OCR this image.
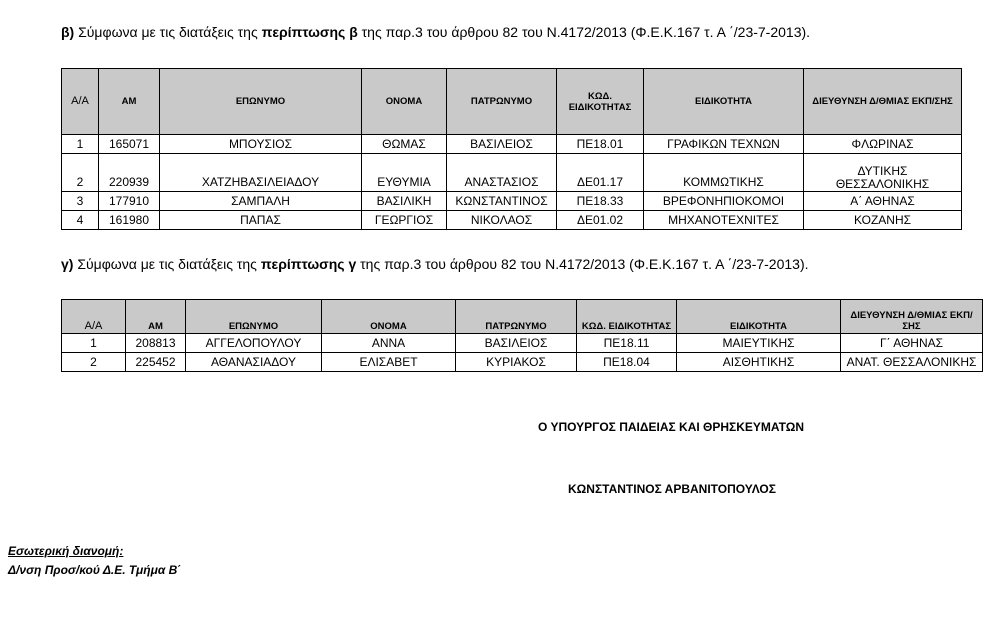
β) Σύμφωνα με τις διατάξεις της περίπτωσης β της παρ.3 του άρθρου 82 του Ν.4172/2013 (Φ.Ε.Κ.167 τ. Α ΄/23-7-2013).
Α/Α	ΑΜ	ΕΠΩΝΥΜΟ	ΟΝΟΜΑ	ΠΑΤΡΩΝΥΜΟ	ΚΩΔ. ΕΙΔΙΚΟΤΗΤΑΣ	ΕΙΔΙΚΟΤΗΤΑ	ΔΙΕΥΘΥΝΣΗ Δ/ΘΜΙΑΣ ΕΚΠ/ΣΗΣ
1	165071	ΜΠΟΥΣΙΟΣ	ΘΩΜΑΣ	ΒΑΣΙΛΕΙΟΣ	ΠΕ18.01	ΓΡΑΦΙΚΩΝ ΤΕΧΝΩΝ	ΦΛΩΡΙΝΑΣ
2	220939	ΧΑΤΖΗΒΑΣΙΛΕΙΑΔΟΥ	ΕΥΘΥΜΙΑ	ΑΝΑΣΤΑΣΙΟΣ	ΔΕ01.17	ΚΟΜΜΩΤΙΚΗΣ	ΔΥΤΙΚΗΣ ΘΕΣΣΑΛΟΝΙΚΗΣ
3	177910	ΣΑΜΠΑΛΗ	ΒΑΣΙΛΙΚΗ	ΚΩΝΣΤΑΝΤΙΝΟΣ	ΠΕ18.33	ΒΡΕΦΟΝΗΠΙΟΚΟΜΟΙ	Α΄ ΑΘΗΝΑΣ
4	161980	ΠΑΠΑΣ	ΓΕΩΡΓΙΟΣ	ΝΙΚΟΛΑΟΣ	ΔΕ01.02	ΜΗΧΑΝΟΤΕΧΝΙΤΕΣ	ΚΟΖΑΝΗΣ
γ) Σύμφωνα με τις διατάξεις της περίπτωσης γ της παρ.3 του άρθρου 82 του Ν.4172/2013 (Φ.Ε.Κ.167 τ. Α ΄/23-7-2013).
Α/Α	ΑΜ	ΕΠΩΝΥΜΟ	ΟΝΟΜΑ	ΠΑΤΡΩΝΥΜΟ	ΚΩΔ. ΕΙΔΙΚΟΤΗΤΑΣ	ΕΙΔΙΚΟΤΗΤΑ	ΔΙΕΥΘΥΝΣΗ Δ/ΘΜΙΑΣ ΕΚΠ/ΣΗΣ
1	208813	ΑΓΓΕΛΟΠΟΥΛΟΥ	ΑΝΝΑ	ΒΑΣΙΛΕΙΟΣ	ΠΕ18.11	ΜΑΙΕΥΤΙΚΗΣ	Γ΄ ΑΘΗΝΑΣ
2	225452	ΑΘΑΝΑΣΙΑΔΟΥ	ΕΛΙΣΑΒΕΤ	ΚΥΡΙΑΚΟΣ	ΠΕ18.04	ΑΙΣΘΗΤΙΚΗΣ	ΑΝΑΤ. ΘΕΣΣΑΛΟΝΙΚΗΣ
Ο ΥΠΟΥΡΓΟΣ ΠΑΙΔΕΙΑΣ ΚΑΙ ΘΡΗΣΚΕΥΜΑΤΩΝ
ΚΩΝΣΤΑΝΤΙΝΟΣ ΑΡΒΑΝΙΤΟΠΟΥΛΟΣ
Εσωτερική διανομή:
Δ/νση Προσ/κού Δ.Ε. Τμήμα Β΄
